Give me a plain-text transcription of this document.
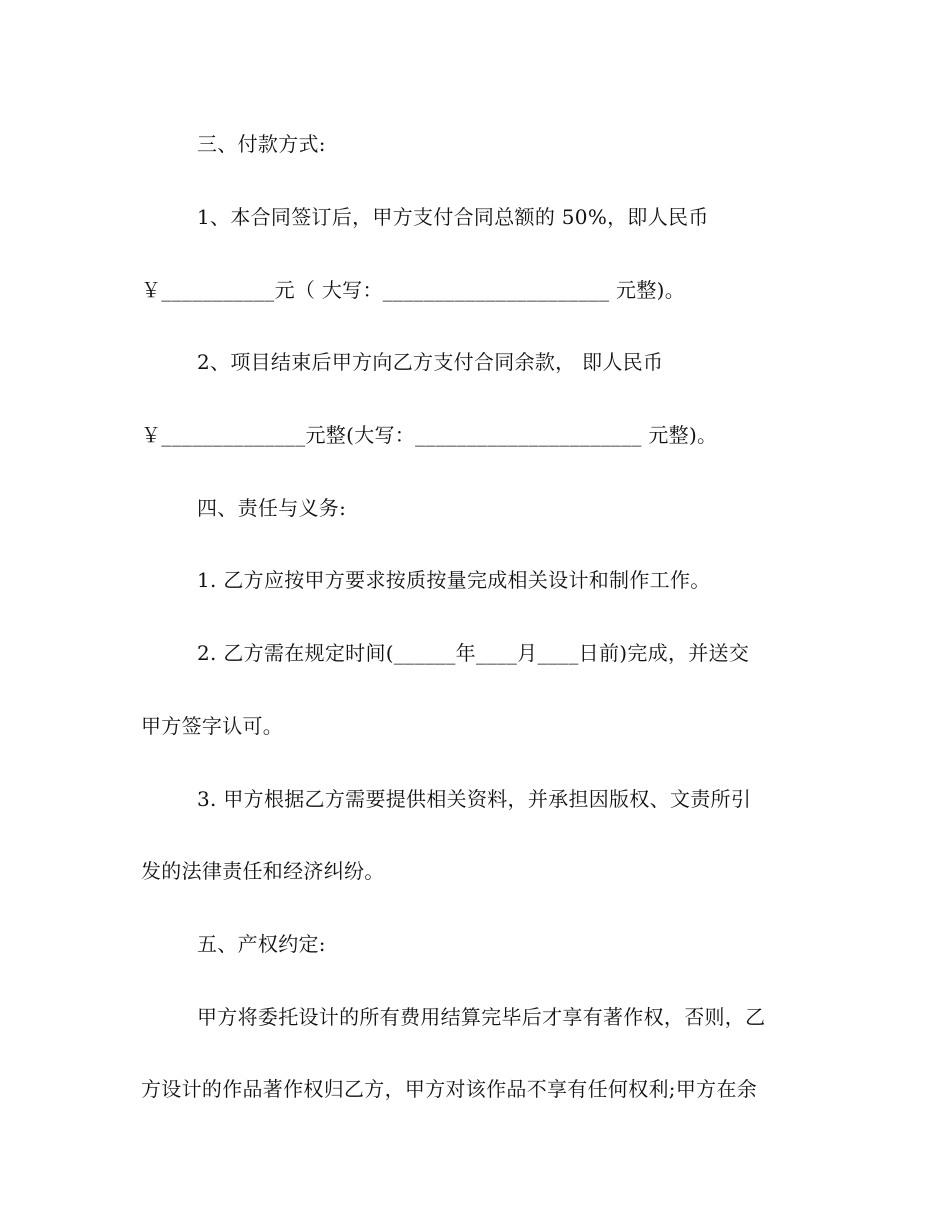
三、付款方式:
1、本合同签订后，甲方支付合同总额的 50%，即人民币
￥___________元（ 大写：______________________ 元整)。
2、项目结束后甲方向乙方支付合同余款， 即人民币
￥______________元整(大写：______________________ 元整)。
四、责任与义务:
1. 乙方应按甲方要求按质按量完成相关设计和制作工作。
2. 乙方需在规定时间(______年____月____日前)完成，并送交
甲方签字认可。
3. 甲方根据乙方需要提供相关资料，并承担因版权、文责所引
发的法律责任和经济纠纷。
五、产权约定:
甲方将委托设计的所有费用结算完毕后才享有著作权，否则，乙
方设计的作品著作权归乙方，甲方对该作品不享有任何权利;甲方在余
